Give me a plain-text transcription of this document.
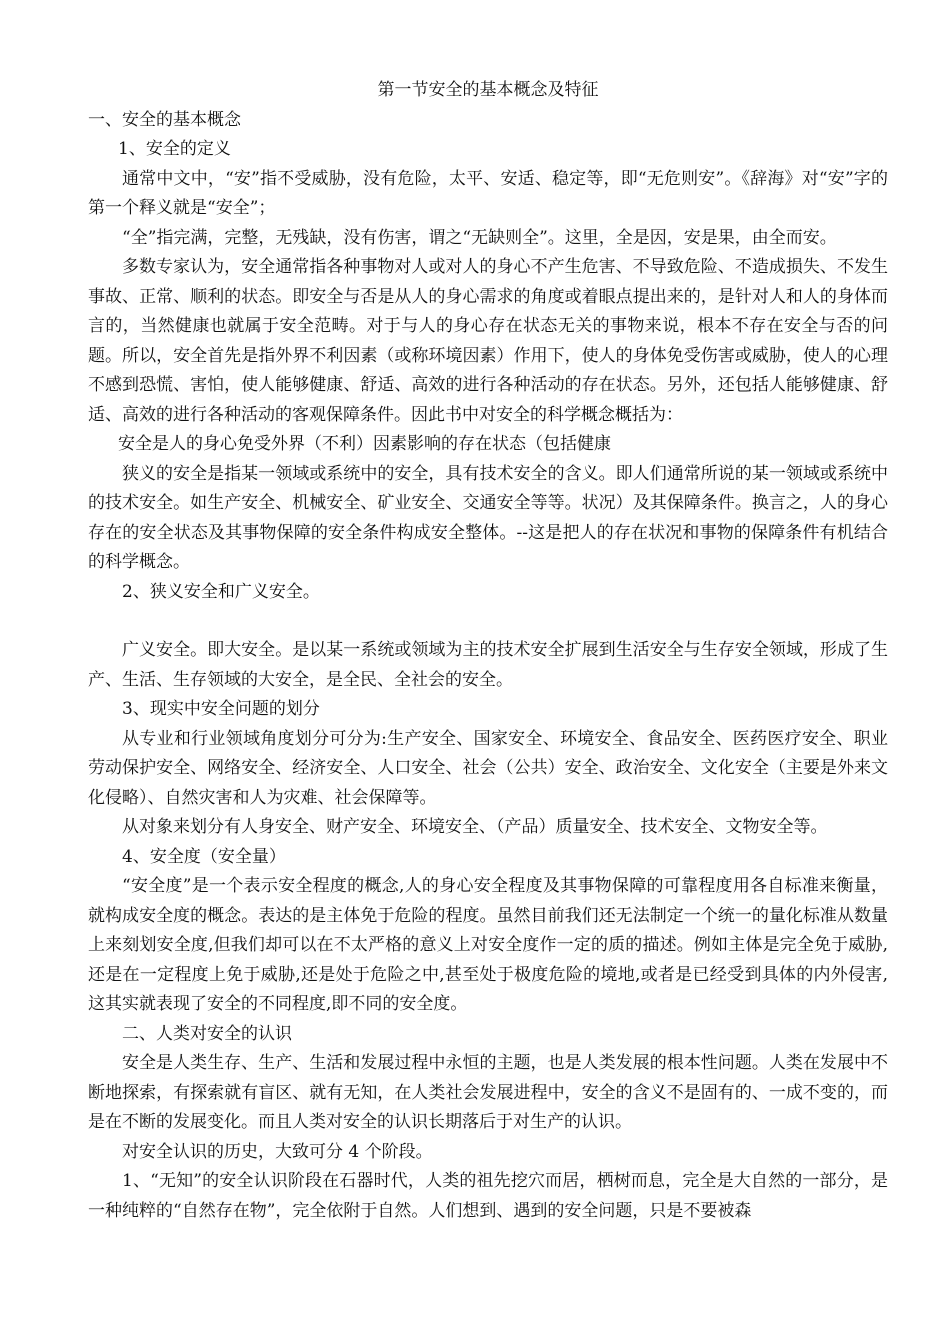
第一节安全的基本概念及特征

一、安全的基本概念

1、安全的定义

通常中文中，“安”指不受威胁，没有危险，太平、安适、稳定等，即“无危则安”。《辞海》对“安”字的第一个释义就是“安全”；

“全”指完满，完整，无残缺，没有伤害，谓之“无缺则全”。这里，全是因，安是果，由全而安。

多数专家认为，安全通常指各种事物对人或对人的身心不产生危害、不导致危险、不造成损失、不发生事故、正常、顺利的状态。即安全与否是从人的身心需求的角度或着眼点提出来的，是针对人和人的身体而言的，当然健康也就属于安全范畴。对于与人的身心存在状态无关的事物来说，根本不存在安全与否的问题。所以，安全首先是指外界不利因素（或称环境因素）作用下，使人的身体免受伤害或威胁，使人的心理不感到恐慌、害怕，使人能够健康、舒适、高效的进行各种活动的存在状态。另外，还包括人能够健康、舒适、高效的进行各种活动的客观保障条件。因此书中对安全的科学概念概括为：

安全是人的身心免受外界（不利）因素影响的存在状态（包括健康

狭义的安全是指某一领域或系统中的安全，具有技术安全的含义。即人们通常所说的某一领域或系统中的技术安全。如生产安全、机械安全、矿业安全、交通安全等等。状况）及其保障条件。换言之，人的身心存在的安全状态及其事物保障的安全条件构成安全整体。--这是把人的存在状况和事物的保障条件有机结合的科学概念。

2、狭义安全和广义安全。

广义安全。即大安全。是以某一系统或领域为主的技术安全扩展到生活安全与生存安全领域，形成了生产、生活、生存领域的大安全，是全民、全社会的安全。

3、现实中安全问题的划分

从专业和行业领域角度划分可分为:生产安全、国家安全、环境安全、食品安全、医药医疗安全、职业劳动保护安全、网络安全、经济安全、人口安全、社会（公共）安全、政治安全、文化安全（主要是外来文化侵略）、自然灾害和人为灾难、社会保障等。

从对象来划分有人身安全、财产安全、环境安全、（产品）质量安全、技术安全、文物安全等。

4、安全度（安全量）

“安全度”是一个表示安全程度的概念,人的身心安全程度及其事物保障的可靠程度用各自标准来衡量，就构成安全度的概念。表达的是主体免于危险的程度。虽然目前我们还无法制定一个统一的量化标准从数量上来刻划安全度,但我们却可以在不太严格的意义上对安全度作一定的质的描述。例如主体是完全免于威胁,还是在一定程度上免于威胁,还是处于危险之中,甚至处于极度危险的境地,或者是已经受到具体的内外侵害,这其实就表现了安全的不同程度,即不同的安全度。

二、人类对安全的认识

安全是人类生存、生产、生活和发展过程中永恒的主题，也是人类发展的根本性问题。人类在发展中不断地探索，有探索就有盲区、就有无知，在人类社会发展进程中，安全的含义不是固有的、一成不变的，而是在不断的发展变化。而且人类对安全的认识长期落后于对生产的认识。

对安全认识的历史，大致可分 4 个阶段。

1、“无知”的安全认识阶段在石器时代，人类的祖先挖穴而居，栖树而息，完全是大自然的一部分，是一种纯粹的“自然存在物”，完全依附于自然。人们想到、遇到的安全问题，只是不要被森
